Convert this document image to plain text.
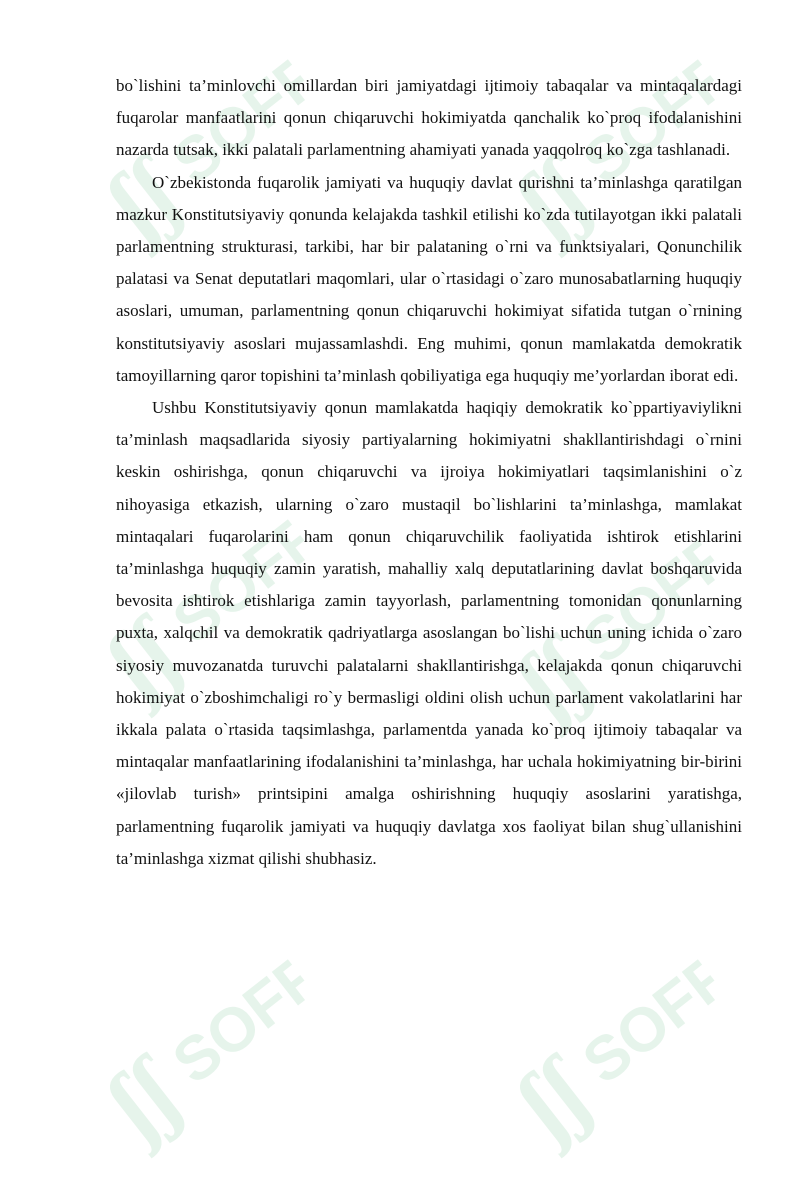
ʃʃ
SOFF
ʃʃ
SOFF
ʃʃ
SOFF
ʃʃ
SOFF
ʃʃ
SOFF
ʃʃ
SOFF

bo`lishini ta’minlovchi omillardan biri jamiyatdagi ijtimoiy tabaqalar va mintaqalardagi fuqarolar manfaatlarini qonun chiqaruvchi hokimiyatda qanchalik ko`proq ifodalanishini nazarda tutsak, ikki palatali parlamentning ahamiyati yanada yaqqolroq ko`zga tashlanadi.

O`zbekistonda fuqarolik jamiyati va huquqiy davlat qurishni ta’minlashga qaratilgan mazkur Konstitutsiyaviy qonunda kelajakda tashkil etilishi ko`zda tutilayotgan ikki palatali parlamentning strukturasi, tarkibi, har bir palataning o`rni va funktsiyalari, Qonunchilik palatasi va Senat deputatlari maqomlari, ular o`rtasidagi o`zaro munosabatlarning huquqiy asoslari, umuman, parlamentning qonun chiqaruvchi hokimiyat sifatida tutgan o`rnining konstitutsiyaviy asoslari mujassamlashdi. Eng muhimi, qonun mamlakatda demokratik tamoyillarning qaror topishini ta’minlash qobiliyatiga ega huquqiy me’yorlardan iborat edi.

Ushbu Konstitutsiyaviy qonun mamlakatda haqiqiy demokratik ko`ppartiyaviylikni ta’minlash maqsadlarida siyosiy partiyalarning hokimiyatni shakllantirishdagi o`rnini keskin oshirishga, qonun chiqaruvchi va ijroiya hokimiyatlari taqsimlanishini o`z nihoyasiga etkazish, ularning o`zaro mustaqil bo`lishlarini ta’minlashga, mamlakat mintaqalari fuqarolarini ham qonun chiqaruvchilik faoliyatida ishtirok etishlarini ta’minlashga huquqiy zamin yaratish, mahalliy xalq deputatlarining davlat boshqaruvida bevosita ishtirok etishlariga zamin tayyorlash, parlamentning tomonidan qonunlarning puxta, xalqchil va demokratik qadriyatlarga asoslangan bo`lishi uchun uning ichida o`zaro siyosiy muvozanatda turuvchi palatalarni shakllantirishga, kelajakda qonun chiqaruvchi hokimiyat o`zboshimchaligi ro`y bermasligi oldini olish uchun parlament vakolatlarini har ikkala palata o`rtasida taqsimlashga, parlamentda yanada ko`proq ijtimoiy tabaqalar va mintaqalar manfaatlarining ifodalanishini ta’minlashga, har uchala hokimiyatning bir-birini «jilovlab turish» printsipini amalga oshirishning huquqiy asoslarini yaratishga, parlamentning fuqarolik jamiyati va huquqiy davlatga xos faoliyat bilan shug`ullanishini ta’minlashga xizmat qilishi shubhasiz.
